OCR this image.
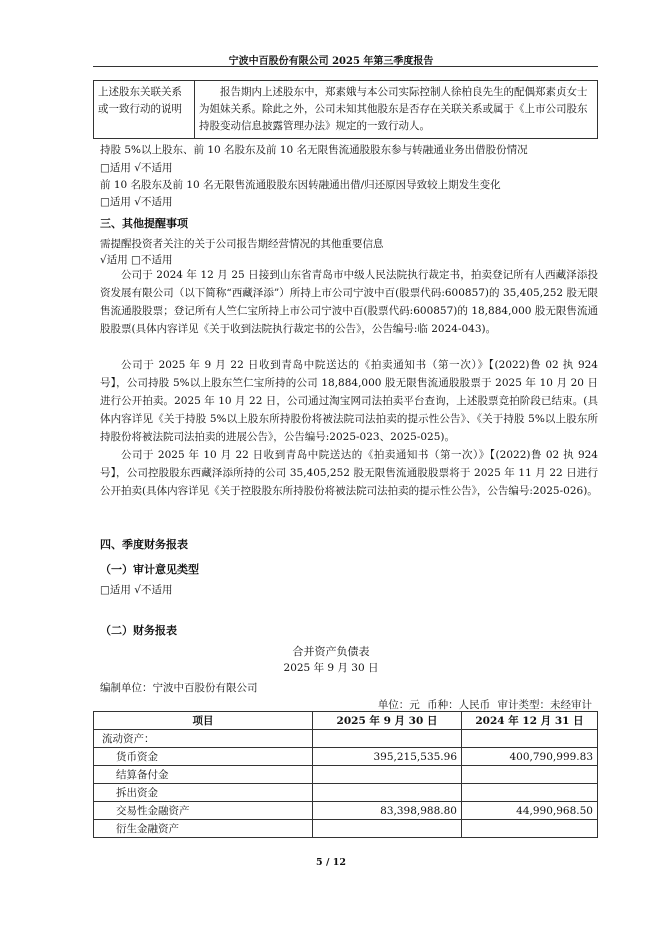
宁波中百股份有限公司 2025 年第三季度报告
上述股东关联关系或一致行动的说明	报告期内上述股东中，郑素娥与本公司实际控制人徐柏良先生的配偶郑素贞女士为姐妹关系。除此之外，公司未知其他股东是否存在关联关系或属于《上市公司股东持股变动信息披露管理办法》规定的一致行动人。
持股 5%以上股东、前 10 名股东及前 10 名无限售流通股股东参与转融通业务出借股份情况
□适用 √不适用
前 10 名股东及前 10 名无限售流通股股东因转融通出借/归还原因导致较上期发生变化
□适用 √不适用
三、其他提醒事项
需提醒投资者关注的关于公司报告期经营情况的其他重要信息
√适用 □不适用
公司于 2024 年 12 月 25 日接到山东省青岛市中级人民法院执行裁定书，拍卖登记所有人西藏泽添投资发展有限公司（以下简称“西藏泽添”）所持上市公司宁波中百(股票代码:600857)的 35,405,252 股无限售流通股股票；登记所有人竺仁宝所持上市公司宁波中百(股票代码:600857)的 18,884,000 股无限售流通股股票(具体内容详见《关于收到法院执行裁定书的公告》，公告编号:临 2024-043)。
公司于 2025 年 9 月 22 日收到青岛中院送达的《拍卖通知书（第一次）》【(2022)鲁 02 执 924 号】，公司持股 5%以上股东竺仁宝所持的公司 18,884,000 股无限售流通股股票于 2025 年 10 月 20 日进行公开拍卖。2025 年 10 月 22 日，公司通过淘宝网司法拍卖平台查询，上述股票竞拍阶段已结束。(具体内容详见《关于持股 5%以上股东所持股份将被法院司法拍卖的提示性公告》、《关于持股 5%以上股东所持股份将被法院司法拍卖的进展公告》，公告编号:2025-023、2025-025)。
公司于 2025 年 10 月 22 日收到青岛中院送达的《拍卖通知书（第一次）》【(2022)鲁 02 执 924 号】，公司控股股东西藏泽添所持的公司 35,405,252 股无限售流通股股票将于 2025 年 11 月 22 日进行公开拍卖(具体内容详见《关于控股股东所持股份将被法院司法拍卖的提示性公告》，公告编号:2025-026)。
四、季度财务报表
（一）审计意见类型
□适用 √不适用
（二）财务报表
合并资产负债表
2025 年 9 月 30 日
编制单位：宁波中百股份有限公司
单位：元 币种：人民币 审计类型：未经审计
项目	2025 年 9 月 30 日	2024 年 12 月 31 日
流动资产：		
货币资金	395,215,535.96	400,790,999.83
结算备付金		
拆出资金		
交易性金融资产	83,398,988.80	44,990,968.50
衍生金融资产		
5 / 12
